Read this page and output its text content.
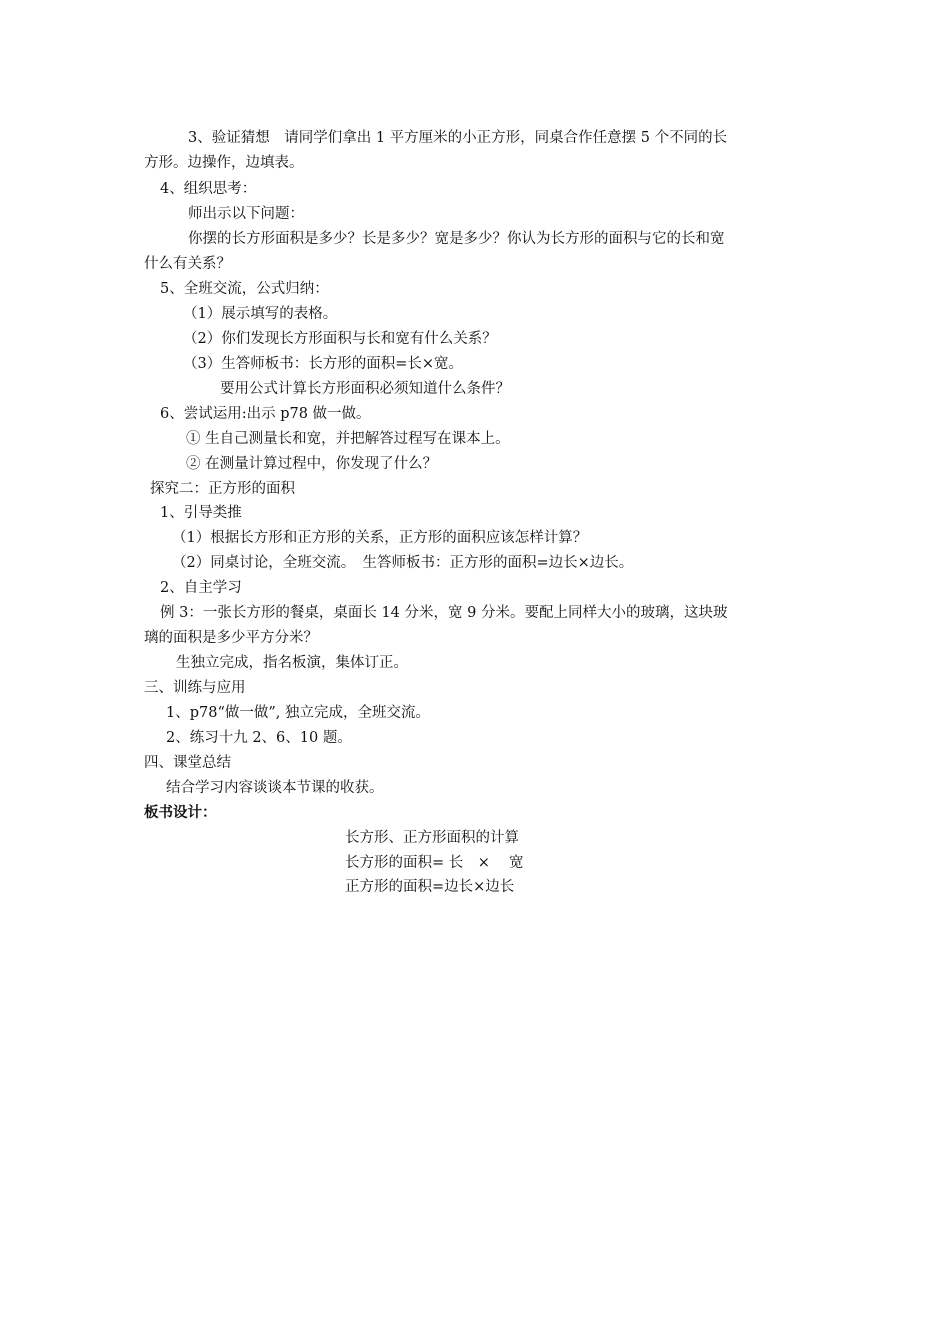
3、验证猜想　请同学们拿出 1 平方厘米的小正方形，同桌合作任意摆 5 个不同的长
方形。边操作，边填表。
4、组织思考：
师出示以下问题：
你摆的长方形面积是多少？长是多少？宽是多少？你认为长方形的面积与它的长和宽
什么有关系？
5、全班交流，公式归纳：
（1）展示填写的表格。
（2）你们发现长方形面积与长和宽有什么关系？
（3）生答师板书：长方形的面积=长×宽。
要用公式计算长方形面积必须知道什么条件？
6、尝试运用:出示 p78 做一做。
① 生自己测量长和宽，并把解答过程写在课本上。
② 在测量计算过程中，你发现了什么？
探究二：正方形的面积
1、引导类推
（1）根据长方形和正方形的关系，正方形的面积应该怎样计算？
（2）同桌讨论，全班交流。　生答师板书：正方形的面积=边长×边长。
2、自主学习
例 3：一张长方形的餐桌，桌面长 14 分米，宽 9 分米。要配上同样大小的玻璃，这块玻
璃的面积是多少平方分米？
生独立完成，指名板演，集体订正。
三、训练与应用
1、p78“做一做”, 独立完成，全班交流。
2、练习十九 2、6、10 题。
四、课堂总结
结合学习内容谈谈本节课的收获。
板书设计：
长方形、正方形面积的计算
长方形的面积= 长　×　 宽
正方形的面积=边长×边长
